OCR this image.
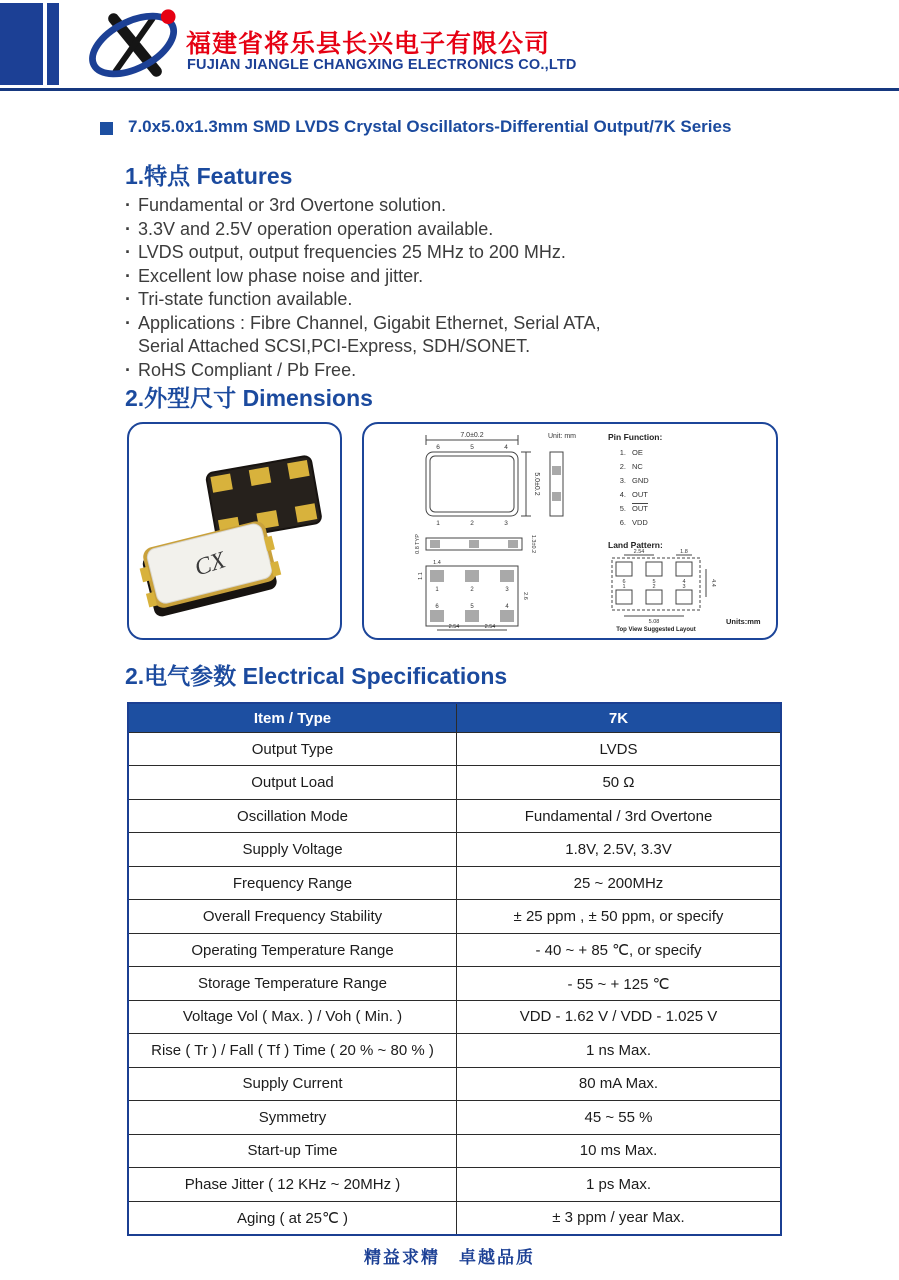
福建省将乐县长兴电子有限公司
FUJIAN JIANGLE CHANGXING ELECTRONICS CO.,LTD
7.0x5.0x1.3mm SMD LVDS Crystal Oscillators-Differential Output/7K Series
1.特点 Features
· Fundamental or 3rd Overtone solution.
· 3.3V and 2.5V operation operation available.
· LVDS output, output frequencies 25 MHz to 200 MHz.
· Excellent low phase noise and jitter.
· Tri-state function available.
· Applications : Fibre Channel, Gigabit Ethernet, Serial ATA,
Serial Attached SCSI,PCI-Express, SDH/SONET.
· RoHS Compliant / Pb Free.
2.外型尺寸 Dimensions
CX
7.0±0.2	Unit: mm
5.0±0.2
6	5	4
1	2	3
0.8 TYP	1.3±0.2
1.4
1.1
2.6
1	2	3
6	5	4
2.54	2.54
Pin Function:
1. OE
2. NC
3. GND
4. OUT
5. OUT
6. VDD
Land Pattern:
2.54	1.8
4.4
5.08
6	5	4
1	2	3
Top View Suggested Layout
Units:mm
2.电气参数 Electrical Specifications
Item / Type	7K
Output Type	LVDS
Output Load	50 Ω
Oscillation Mode	Fundamental / 3rd Overtone
Supply Voltage	1.8V, 2.5V, 3.3V
Frequency Range	25 ~ 200MHz
Overall Frequency Stability	± 25 ppm , ± 50 ppm, or specify
Operating Temperature Range	- 40 ~ + 85 ℃, or specify
Storage Temperature Range	- 55 ~ + 125 ℃
Voltage Vol ( Max. ) / Voh ( Min. )	VDD - 1.62 V / VDD - 1.025 V
Rise ( Tr ) / Fall ( Tf ) Time ( 20 % ~ 80 % )	1 ns Max.
Supply Current	80 mA Max.
Symmetry	45 ~ 55 %
Start-up Time	10 ms Max.
Phase Jitter ( 12 KHz ~ 20MHz )	1 ps Max.
Aging ( at 25℃ )	± 3 ppm / year Max.
精益求精　卓越品质
